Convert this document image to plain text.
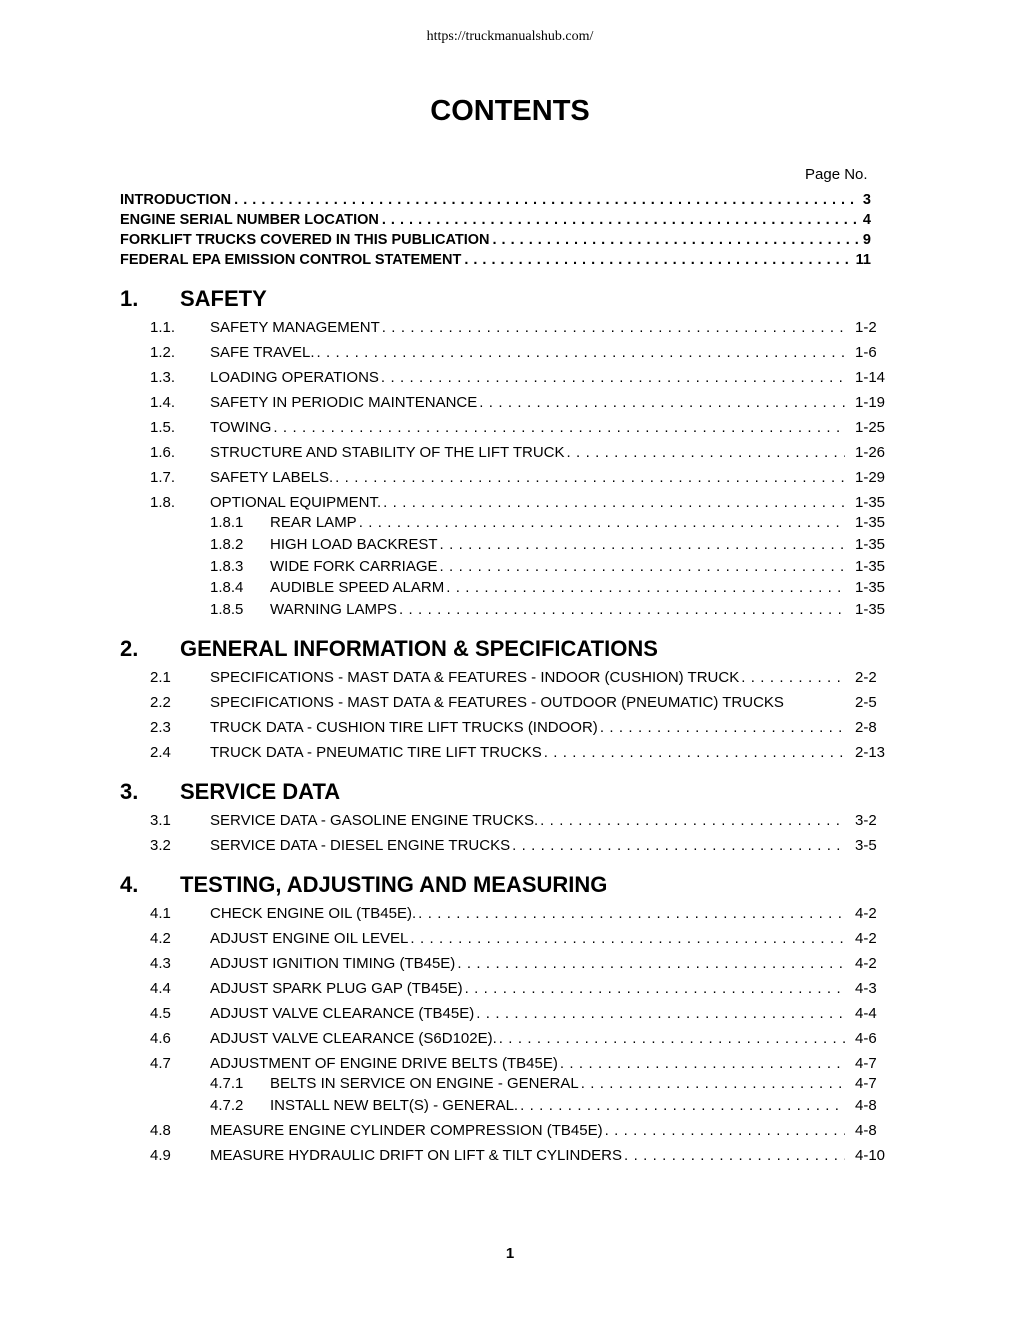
https://truckmanualshub.com/
CONTENTS
Page No.
INTRODUCTION . . .	3
ENGINE SERIAL NUMBER LOCATION . . .	4
FORKLIFT TRUCKS COVERED IN THIS PUBLICATION . . .	9
FEDERAL EPA EMISSION CONTROL STATEMENT . . .	11
1. SAFETY
1.1.	SAFETY MANAGEMENT . . .	1-2
1.2.	SAFE TRAVEL. . . .	1-6
1.3.	LOADING OPERATIONS . . .	1-14
1.4.	SAFETY IN PERIODIC MAINTENANCE . . .	1-19
1.5.	TOWING . . .	1-25
1.6.	STRUCTURE AND STABILITY OF THE LIFT TRUCK . . .	1-26
1.7.	SAFETY LABELS. . . .	1-29
1.8.	OPTIONAL EQUIPMENT. . . .	1-35
1.8.1	REAR LAMP . . .	1-35
1.8.2	HIGH LOAD BACKREST . . .	1-35
1.8.3	WIDE FORK CARRIAGE . . .	1-35
1.8.4	AUDIBLE SPEED ALARM . . .	1-35
1.8.5	WARNING LAMPS . . .	1-35
2. GENERAL INFORMATION & SPECIFICATIONS
2.1	SPECIFICATIONS - MAST DATA & FEATURES - INDOOR (CUSHION) TRUCK . . .	2-2
2.2	SPECIFICATIONS - MAST DATA & FEATURES - OUTDOOR (PNEUMATIC) TRUCKS	2-5
2.3	TRUCK DATA - CUSHION TIRE LIFT TRUCKS (INDOOR) . . .	2-8
2.4	TRUCK DATA - PNEUMATIC TIRE LIFT TRUCKS . . .	2-13
3. SERVICE DATA
3.1	SERVICE DATA - GASOLINE ENGINE TRUCKS. . . .	3-2
3.2	SERVICE DATA - DIESEL ENGINE TRUCKS . . .	3-5
4. TESTING, ADJUSTING AND MEASURING
4.1	CHECK ENGINE OIL (TB45E). . . .	4-2
4.2	ADJUST ENGINE OIL LEVEL . . .	4-2
4.3	ADJUST IGNITION TIMING (TB45E) . . .	4-2
4.4	ADJUST SPARK PLUG GAP (TB45E) . . .	4-3
4.5	ADJUST VALVE CLEARANCE (TB45E) . . .	4-4
4.6	ADJUST VALVE CLEARANCE (S6D102E). . . .	4-6
4.7	ADJUSTMENT OF ENGINE DRIVE BELTS (TB45E) . . .	4-7
4.7.1	BELTS IN SERVICE ON ENGINE - GENERAL . . .	4-7
4.7.2	INSTALL NEW BELT(S) - GENERAL. . . .	4-8
4.8	MEASURE ENGINE CYLINDER COMPRESSION (TB45E) . . .	4-8
4.9	MEASURE HYDRAULIC DRIFT ON LIFT & TILT CYLINDERS . . .	4-10
1
